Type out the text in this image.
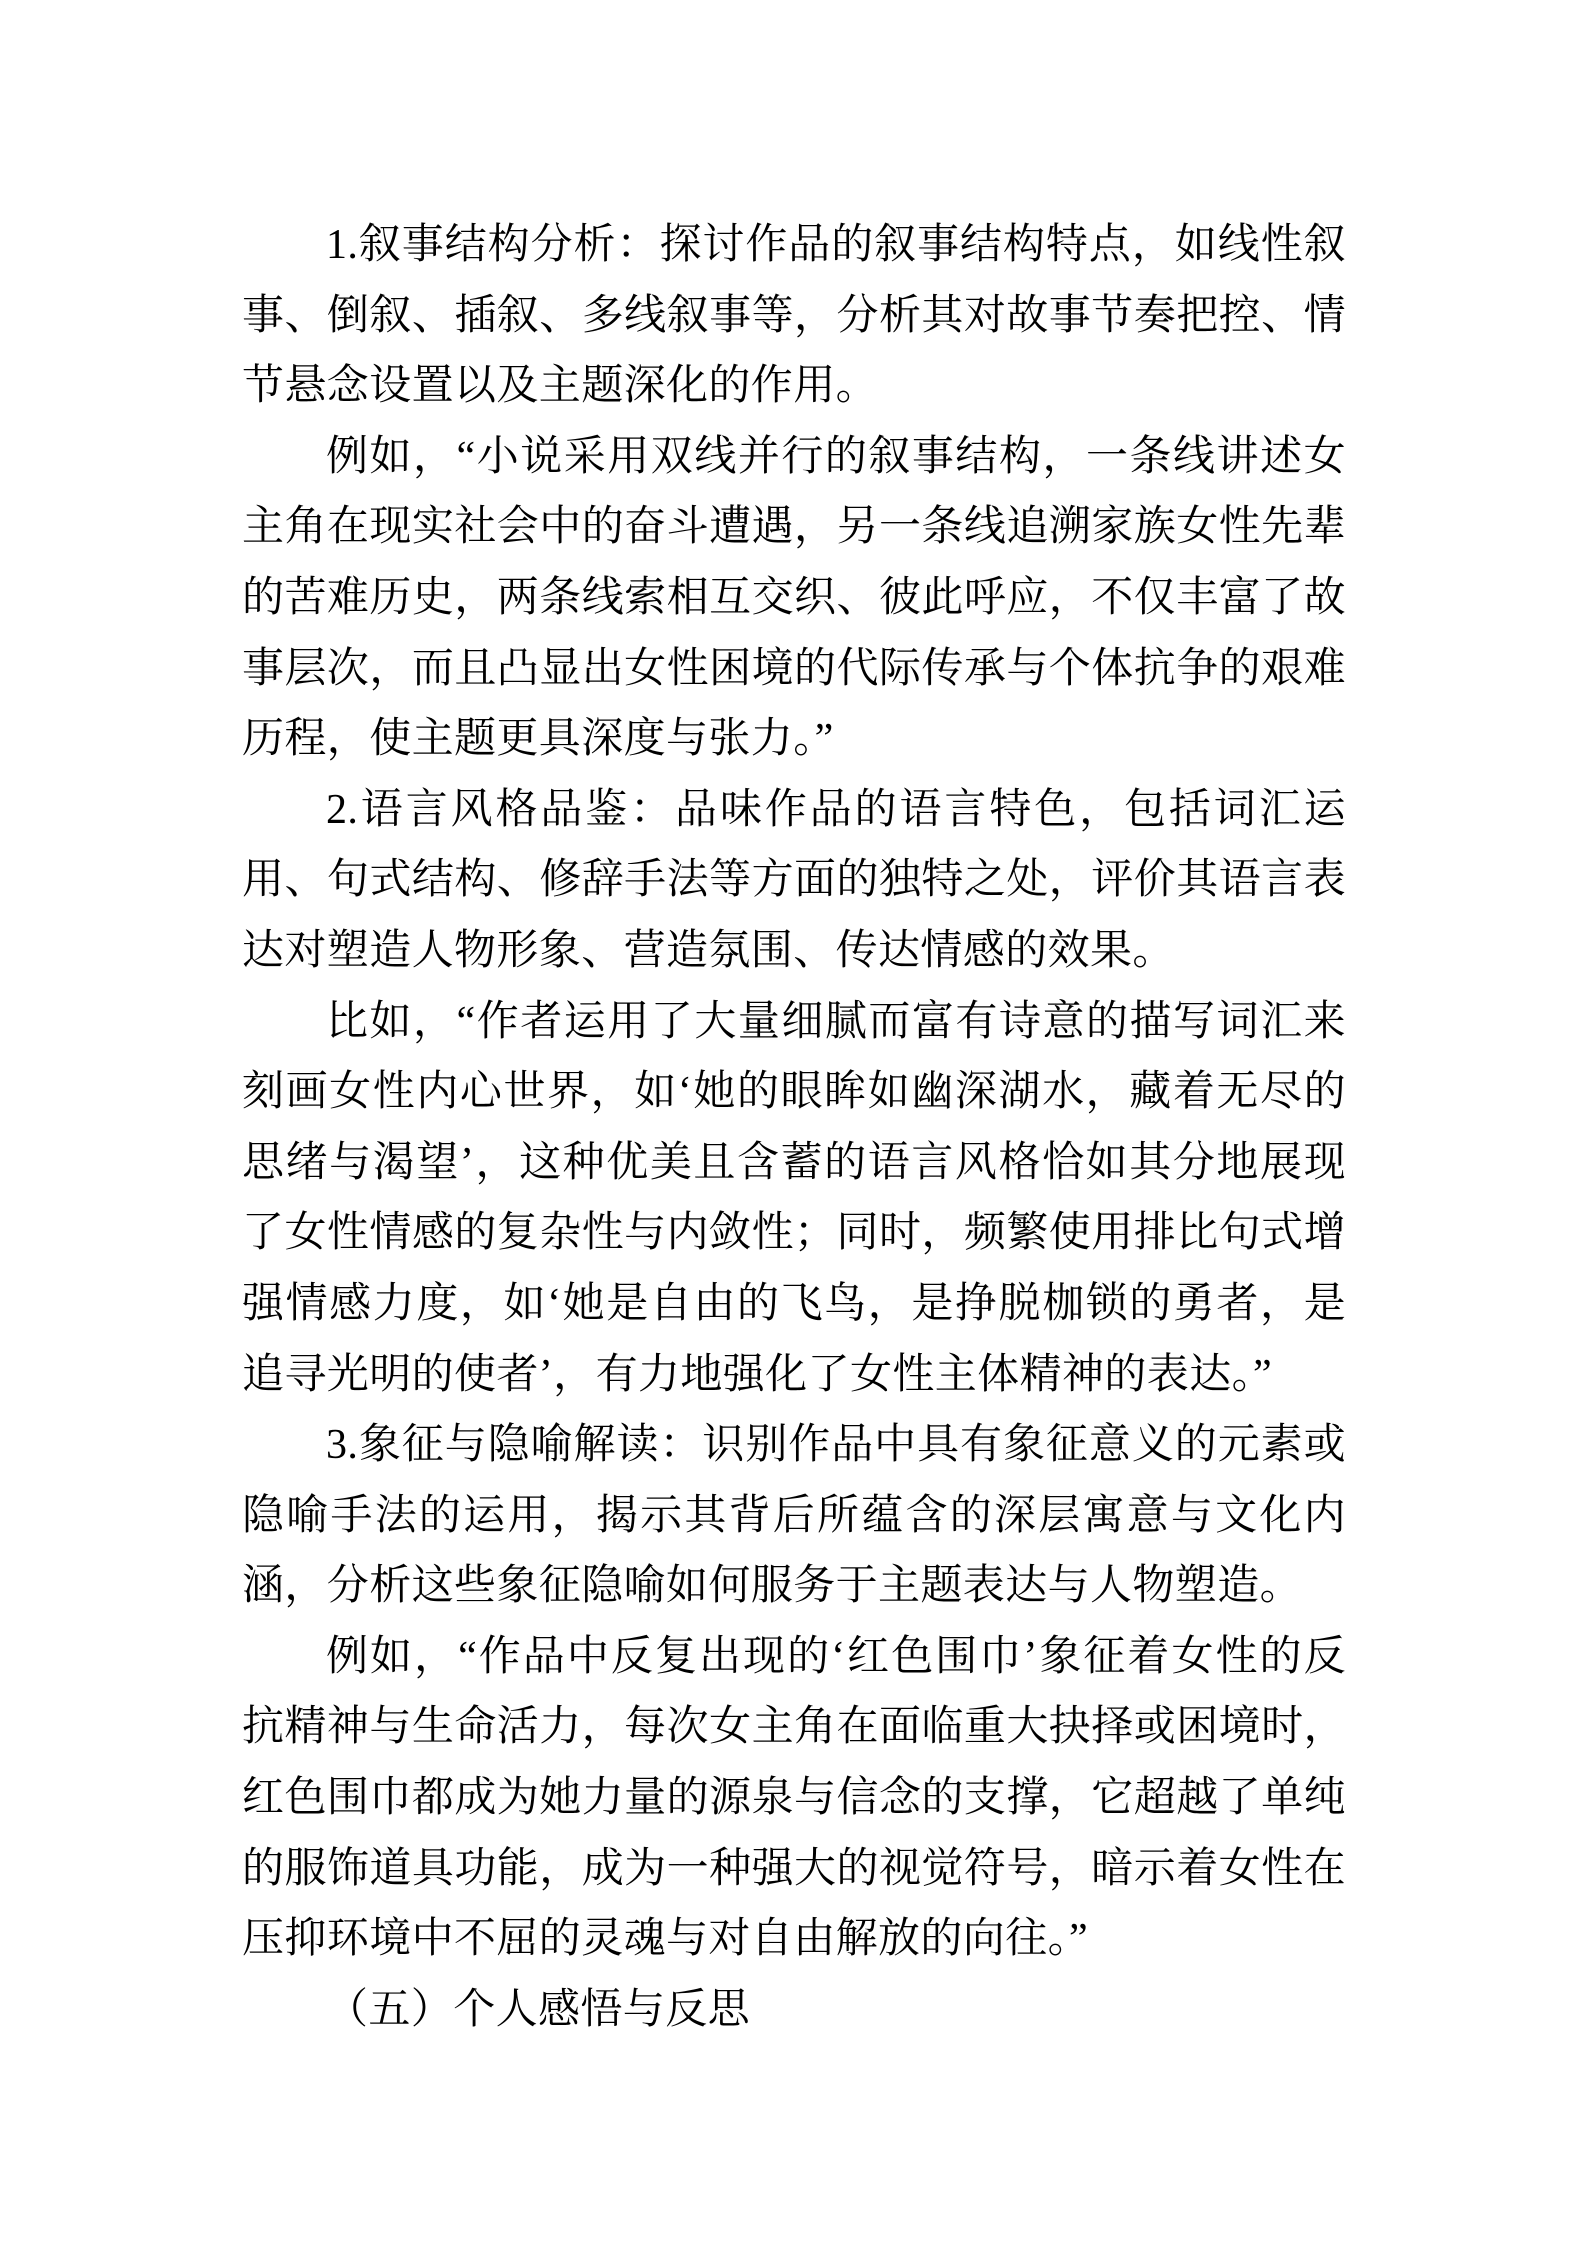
1.叙事结构分析：探讨作品的叙事结构特点，如线性叙事、倒叙、插叙、多线叙事等，分析其对故事节奏把控、情节悬念设置以及主题深化的作用。

例如，“小说采用双线并行的叙事结构，一条线讲述女主角在现实社会中的奋斗遭遇，另一条线追溯家族女性先辈的苦难历史，两条线索相互交织、彼此呼应，不仅丰富了故事层次，而且凸显出女性困境的代际传承与个体抗争的艰难历程，使主题更具深度与张力。”

2.语言风格品鉴：品味作品的语言特色，包括词汇运用、句式结构、修辞手法等方面的独特之处，评价其语言表达对塑造人物形象、营造氛围、传达情感的效果。

比如，“作者运用了大量细腻而富有诗意的描写词汇来刻画女性内心世界，如‘她的眼眸如幽深湖水，藏着无尽的思绪与渴望’，这种优美且含蓄的语言风格恰如其分地展现了女性情感的复杂性与内敛性；同时，频繁使用排比句式增强情感力度，如‘她是自由的飞鸟，是挣脱枷锁的勇者，是追寻光明的使者’，有力地强化了女性主体精神的表达。”

3.象征与隐喻解读：识别作品中具有象征意义的元素或隐喻手法的运用，揭示其背后所蕴含的深层寓意与文化内涵，分析这些象征隐喻如何服务于主题表达与人物塑造。

例如，“作品中反复出现的‘红色围巾’象征着女性的反抗精神与生命活力，每次女主角在面临重大抉择或困境时，红色围巾都成为她力量的源泉与信念的支撑，它超越了单纯的服饰道具功能，成为一种强大的视觉符号，暗示着女性在压抑环境中不屈的灵魂与对自由解放的向往。”

（五）个人感悟与反思
